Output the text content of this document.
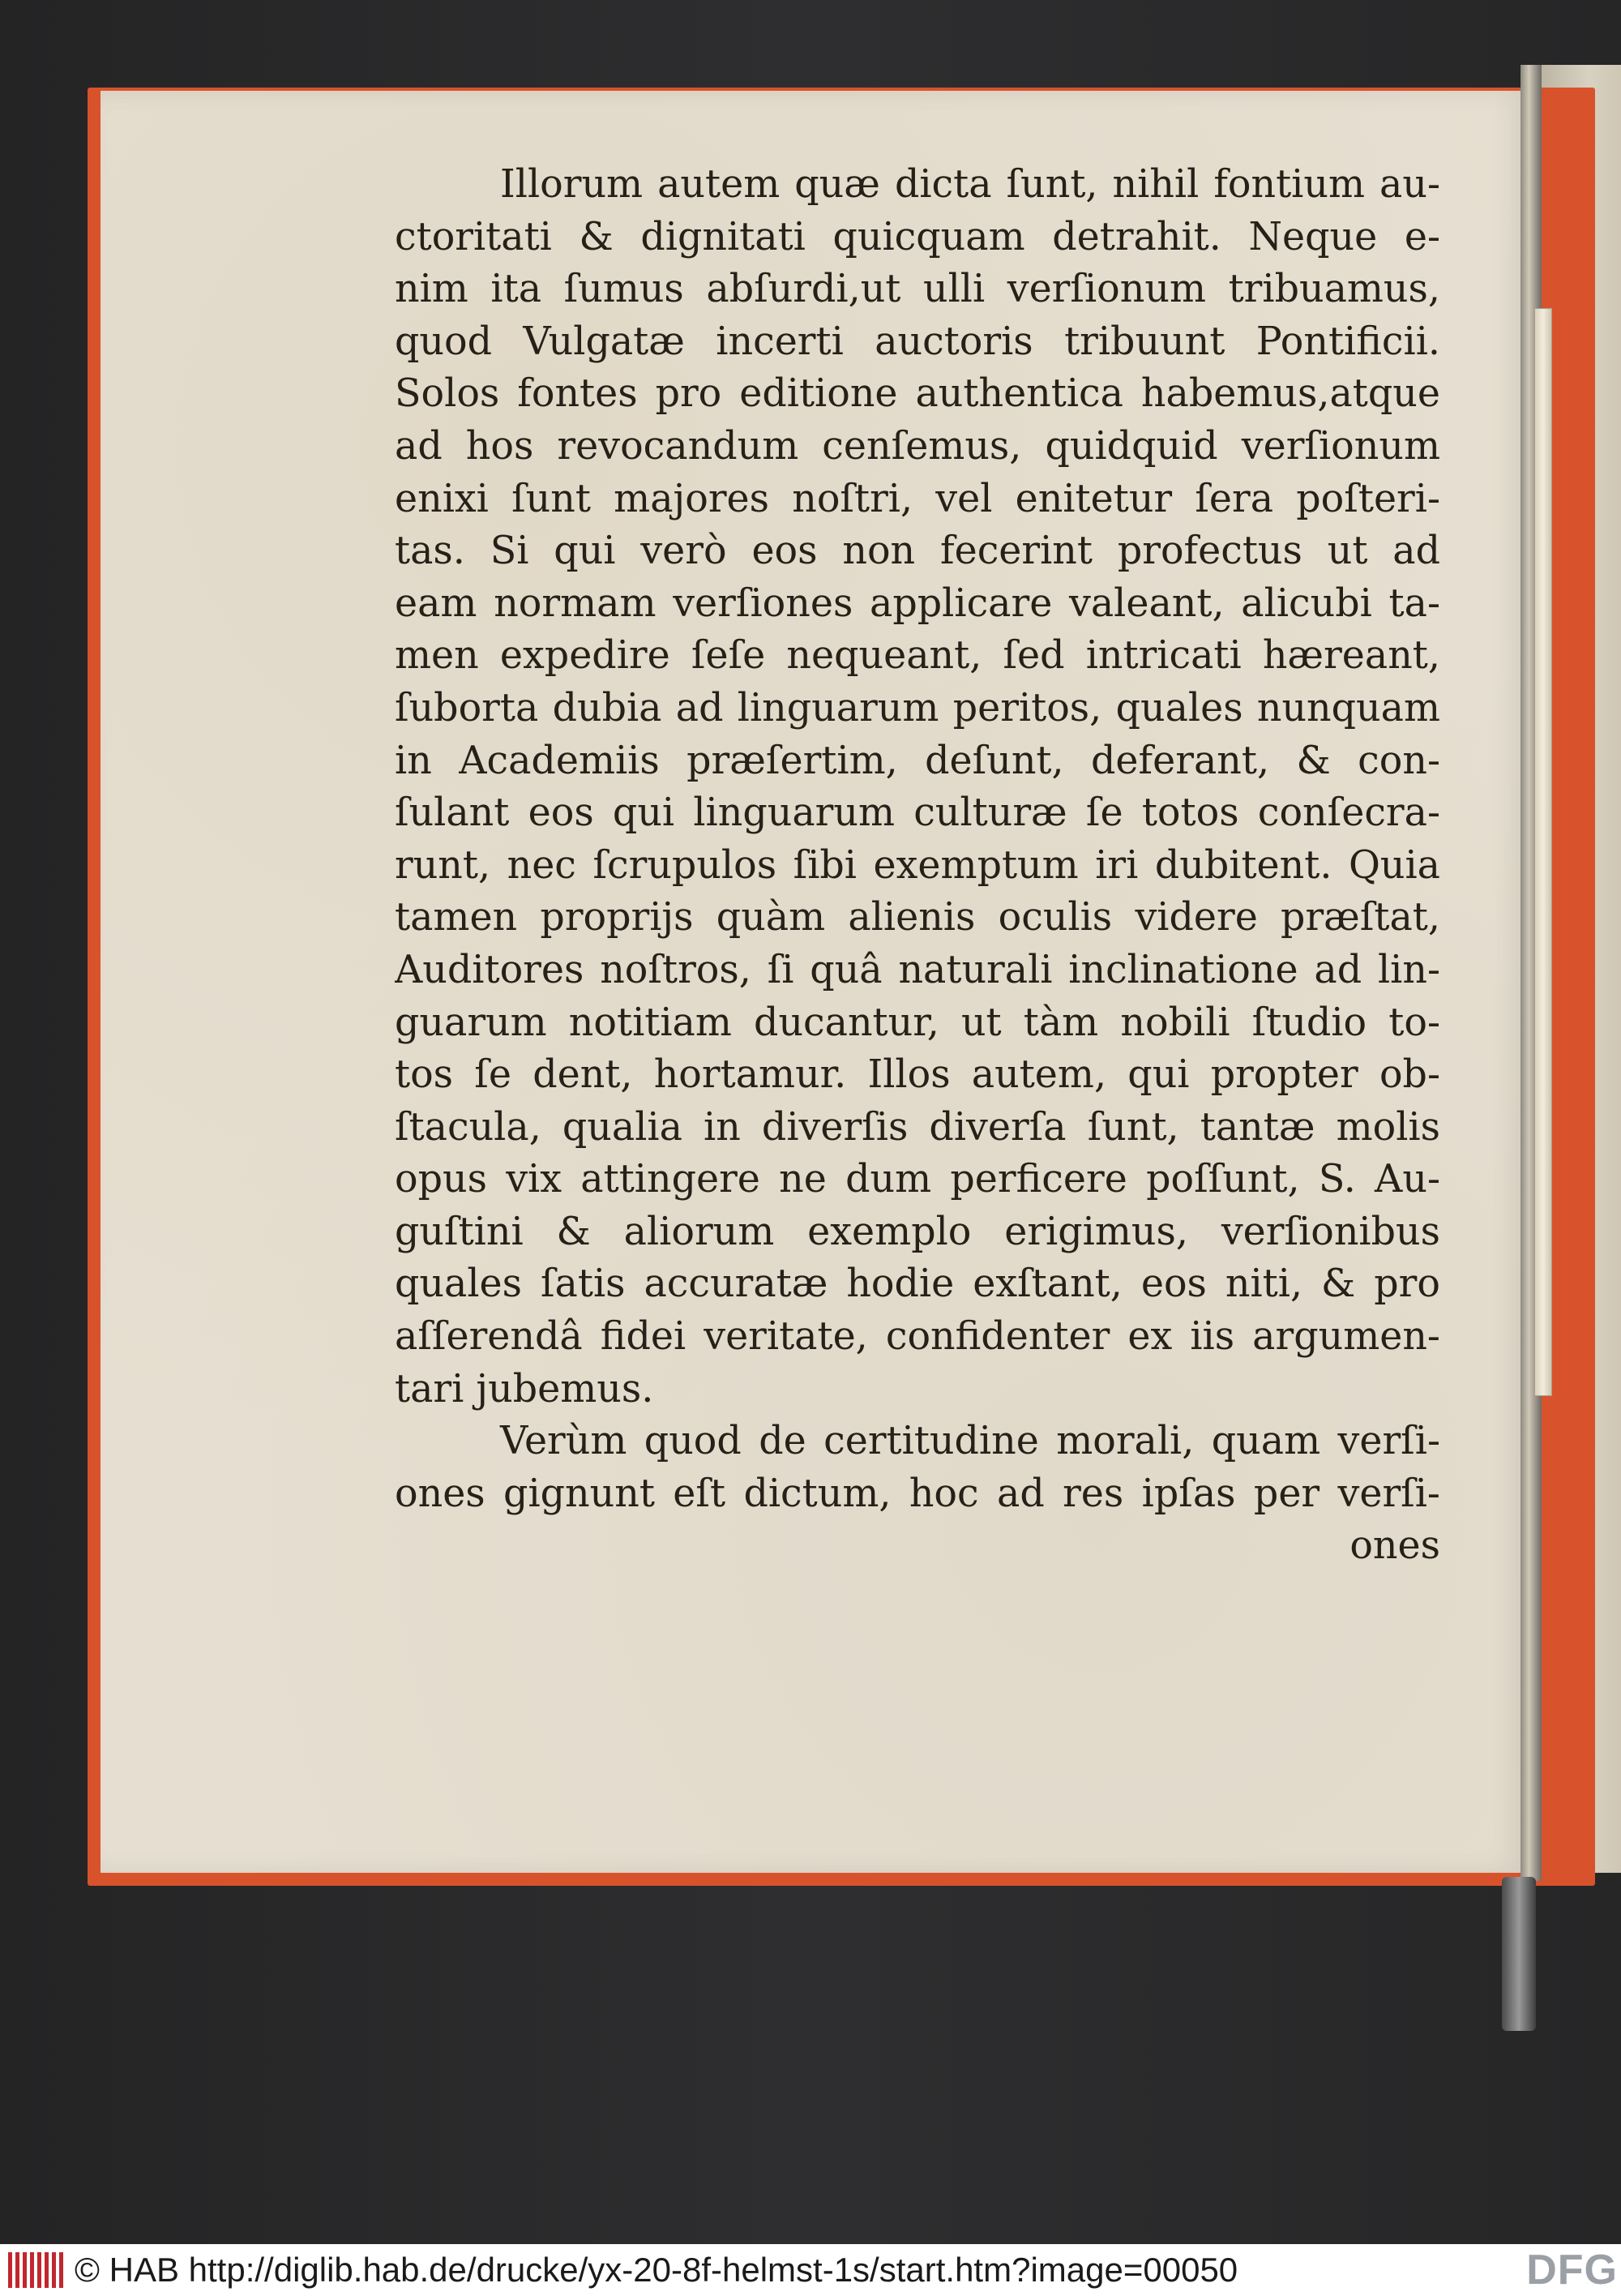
Illorum autem quæ dicta ſunt, nihil fontium au-
ctoritati & dignitati quicquam detrahit. Neque e-
nim ita ſumus abſurdi,ut ulli verſionum tribuamus,
quod Vulgatæ incerti auctoris tribuunt Pontificii.
Solos fontes pro editione authentica habemus,atque
ad hos revocandum cenſemus, quidquid verſionum
enixi ſunt majores noſtri, vel enitetur ſera poſteri-
tas. Si qui verò eos non fecerint profectus ut ad
eam normam verſiones applicare valeant, alicubi ta-
men expedire ſeſe nequeant, ſed intricati hæreant,
ſuborta dubia ad linguarum peritos, quales nunquam
in Academiis præſertim, deſunt, deferant, & con-
ſulant eos qui linguarum culturæ ſe totos conſecra-
runt, nec ſcrupulos ſibi exemptum iri dubitent. Quia
tamen proprijs quàm alienis oculis videre præſtat,
Auditores noſtros, ſi quâ naturali inclinatione ad lin-
guarum notitiam ducantur, ut tàm nobili ſtudio to-
tos ſe dent, hortamur. Illos autem, qui propter ob-
ſtacula, qualia in diverſis diverſa ſunt, tantæ molis
opus vix attingere ne dum perficere poſſunt, S. Au-
guſtini & aliorum exemplo erigimus, verſionibus
quales ſatis accuratæ hodie exſtant, eos niti, & pro
aſſerendâ fidei veritate, confidenter ex iis argumen-
tari jubemus.
Verùm quod de certitudine morali, quam verſi-
ones gignunt eſt dictum, hoc ad res ipſas per verſi-
ones
© HAB http://diglib.hab.de/drucke/yx-20-8f-helmst-1s/start.htm?image=00050	DFG
